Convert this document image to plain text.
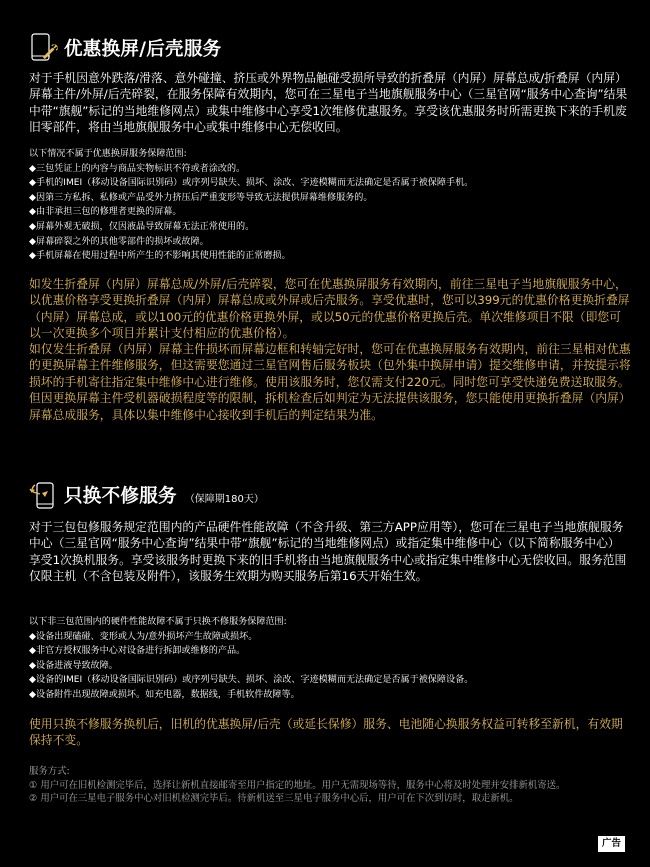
优惠换屏/后壳服务

对于手机因意外跌落/滑落、意外碰撞、挤压或外界物品触碰受损所导致的折叠屏（内屏）屏幕总成/折叠屏（内屏）屏幕主件/外屏/后壳碎裂，在服务保障有效期内，您可在三星电子当地旗舰服务中心（三星官网“服务中心查询”结果中带“旗舰”标记的当地维修网点）或集中维修中心享受1次维修优惠服务。享受该优惠服务时所需更换下来的手机废旧零部件，将由当地旗舰服务中心或集中维修中心无偿收回。

以下情况不属于优惠换屏服务保障范围:
◆三包凭证上的内容与商品实物标识不符或者涂改的。
◆手机的IMEI（移动设备国际识别码）或序列号缺失、损坏、涂改、字迹模糊而无法确定是否属于被保障手机。
◆因第三方私拆、私修或产品受外力挤压后严重变形等导致无法提供屏幕维修服务的。
◆由非承担三包的修理者更换的屏幕。
◆屏幕外观无破损，仅因液晶导致屏幕无法正常使用的。
◆屏幕碎裂之外的其他零部件的损坏或故障。
◆手机屏幕在使用过程中所产生的不影响其使用性能的正常磨损。

如发生折叠屏（内屏）屏幕总成/外屏/后壳碎裂，您可在优惠换屏服务有效期内，前往三星电子当地旗舰服务中心，以优惠价格享受更换折叠屏（内屏）屏幕总成或外屏或后壳服务。享受优惠时，您可以399元的优惠价格更换折叠屏（内屏）屏幕总成，或以100元的优惠价格更换外屏，或以50元的优惠价格更换后壳。单次维修项目不限（即您可以一次更换多个项目并累计支付相应的优惠价格）。

如仅发生折叠屏（内屏）屏幕主件损坏而屏幕边框和转轴完好时，您可在优惠换屏服务有效期内，前往三星相对优惠的更换屏幕主件维修服务，但这需要您通过三星官网售后服务板块（包外集中换屏申请）提交维修申请，并按提示将损坏的手机寄往指定集中维修中心进行维修。使用该服务时，您仅需支付220元。同时您可享受快递免费送取服务。但因更换屏幕主件受机器破损程度等的限制，拆机检查后如判定为无法提供该服务，您只能使用更换折叠屏（内屏）屏幕总成服务，具体以集中维修中心接收到手机后的判定结果为准。

只换不修服务 （保障期180天）

对于三包包修服务规定范围内的产品硬件性能故障（不含升级、第三方APP应用等），您可在三星电子当地旗舰服务中心（三星官网“服务中心查询”结果中带“旗舰”标记的当地维修网点）或指定集中维修中心（以下简称服务中心）享受1次换机服务。享受该服务时更换下来的旧手机将由当地旗舰服务中心或指定集中维修中心无偿收回。服务范围仅限主机（不含包装及附件），该服务生效期为购买服务后第16天开始生效。

以下非三包范围内的硬件性能故障不属于只换不修服务保障范围:
◆设备出现磕碰、变形或人为/意外损坏产生故障或损坏。
◆非官方授权服务中心对设备进行拆卸或维修的产品。
◆设备进液导致故障。
◆设备的IMEI（移动设备国际识别码）或序列号缺失、损坏、涂改、字迹模糊而无法确定是否属于被保障设备。
◆设备附件出现故障或损坏。如充电器，数据线，手机软件故障等。

使用只换不修服务换机后，旧机的优惠换屏/后壳（或延长保修）服务、电池随心换服务权益可转移至新机，有效期保持不变。

服务方式:
① 用户可在旧机检测完毕后，选择让新机直接邮寄至用户指定的地址。用户无需现场等待，服务中心将及时处理并安排新机寄送。
② 用户可在三星电子服务中心对旧机检测完毕后。待新机送至三星电子服务中心后，用户可在下次到访时，取走新机。
广告
